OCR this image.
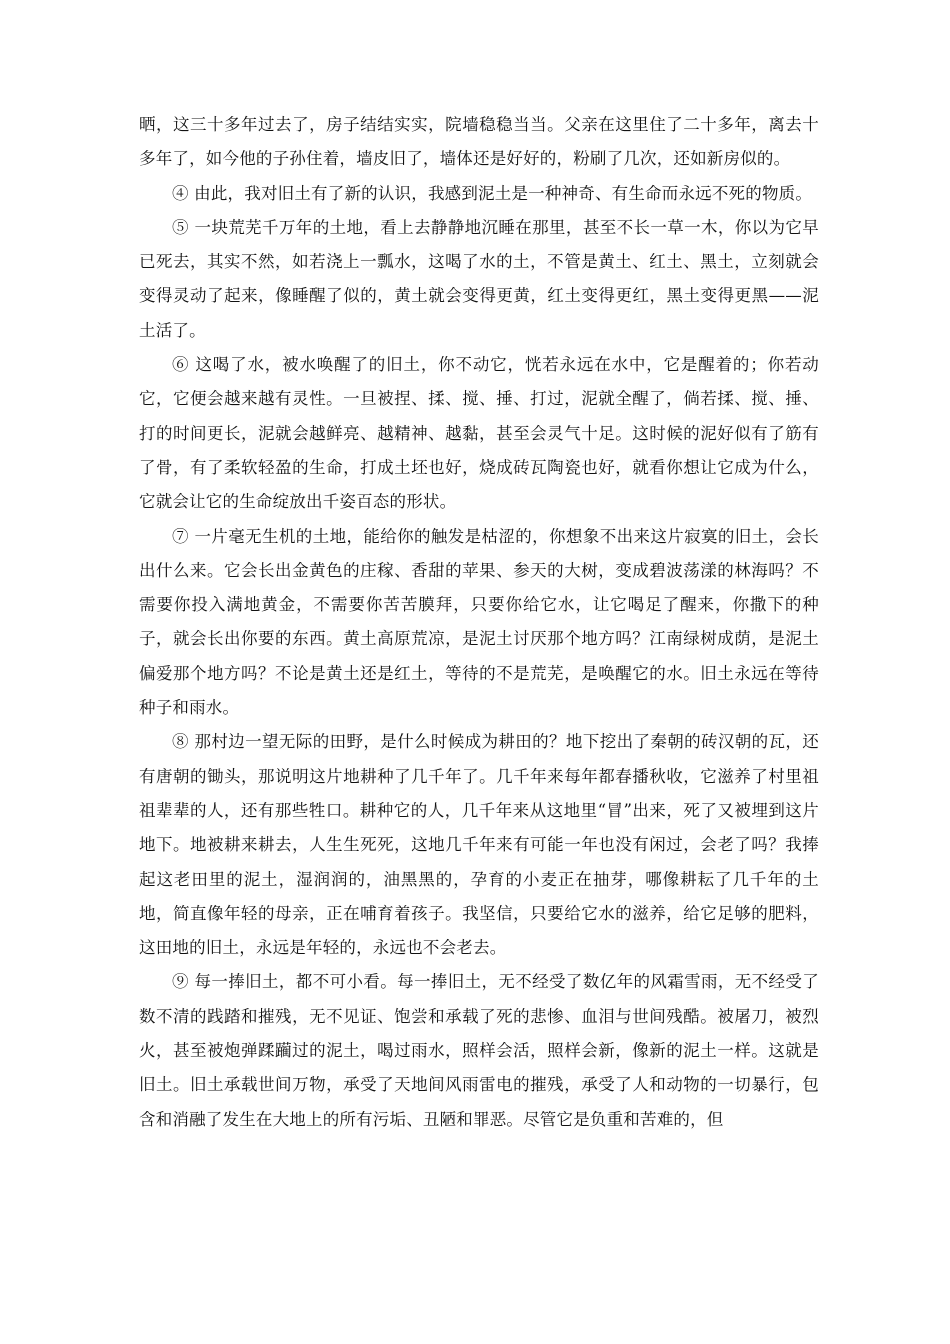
晒，这三十多年过去了，房子结结实实，院墙稳稳当当。父亲在这里住了二十多年，离去十多年了，如今他的子孙住着，墙皮旧了，墙体还是好好的，粉刷了几次，还如新房似的。

④ 由此，我对旧土有了新的认识，我感到泥土是一种神奇、有生命而永远不死的物质。

⑤ 一块荒芜千万年的土地，看上去静静地沉睡在那里，甚至不长一草一木，你以为它早已死去，其实不然，如若浇上一瓢水，这喝了水的土，不管是黄土、红土、黑土，立刻就会变得灵动了起来，像睡醒了似的，黄土就会变得更黄，红土变得更红，黑土变得更黑——泥土活了。

⑥ 这喝了水，被水唤醒了的旧土，你不动它，恍若永远在水中，它是醒着的；你若动它，它便会越来越有灵性。一旦被捏、揉、搅、捶、打过，泥就全醒了，倘若揉、搅、捶、打的时间更长，泥就会越鲜亮、越精神、越黏，甚至会灵气十足。这时候的泥好似有了筋有了骨，有了柔软轻盈的生命，打成土坯也好，烧成砖瓦陶瓷也好，就看你想让它成为什么，它就会让它的生命绽放出千姿百态的形状。

⑦ 一片毫无生机的土地，能给你的触发是枯涩的，你想象不出来这片寂寞的旧土，会长出什么来。它会长出金黄色的庄稼、香甜的苹果、参天的大树，变成碧波荡漾的林海吗？不需要你投入满地黄金，不需要你苦苦膜拜，只要你给它水，让它喝足了醒来，你撒下的种子，就会长出你要的东西。黄土高原荒凉，是泥土讨厌那个地方吗？江南绿树成荫，是泥土偏爱那个地方吗？不论是黄土还是红土，等待的不是荒芜，是唤醒它的水。旧土永远在等待种子和雨水。

⑧ 那村边一望无际的田野，是什么时候成为耕田的？地下挖出了秦朝的砖汉朝的瓦，还有唐朝的锄头，那说明这片地耕种了几千年了。几千年来每年都春播秋收，它滋养了村里祖祖辈辈的人，还有那些牲口。耕种它的人，几千年来从这地里“冒”出来，死了又被埋到这片地下。地被耕来耕去，人生生死死，这地几千年来有可能一年也没有闲过，会老了吗？我捧起这老田里的泥土，湿润润的，油黑黑的，孕育的小麦正在抽芽，哪像耕耘了几千年的土地，简直像年轻的母亲，正在哺育着孩子。我坚信，只要给它水的滋养，给它足够的肥料，这田地的旧土，永远是年轻的，永远也不会老去。

⑨ 每一捧旧土，都不可小看。每一捧旧土，无不经受了数亿年的风霜雪雨，无不经受了数不清的践踏和摧残，无不见证、饱尝和承载了死的悲惨、血泪与世间残酷。被屠刀，被烈火，甚至被炮弹蹂躏过的泥土，喝过雨水，照样会活，照样会新，像新的泥土一样。这就是旧土。旧土承载世间万物，承受了天地间风雨雷电的摧残，承受了人和动物的一切暴行，包含和消融了发生在大地上的所有污垢、丑陋和罪恶。尽管它是负重和苦难的，但
